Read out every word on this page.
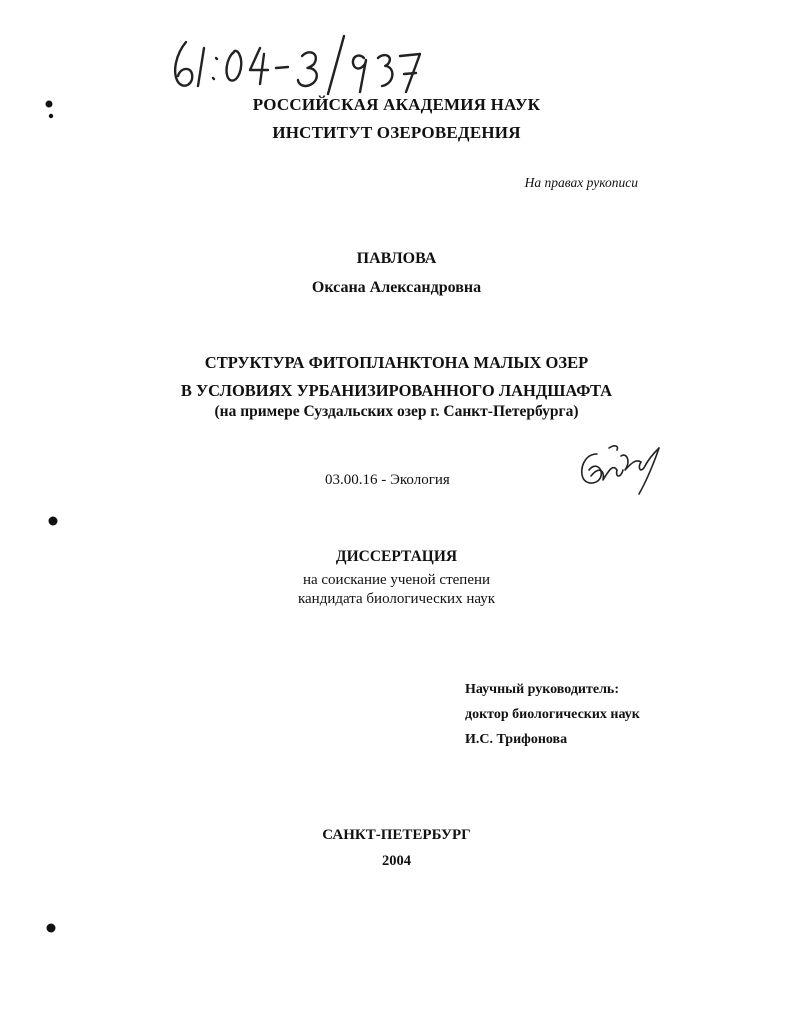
РОССИЙСКАЯ АКАДЕМИЯ НАУК
ИНСТИТУТ ОЗЕРОВЕДЕНИЯ
На правах рукописи
ПАВЛОВА
Оксана Александровна
СТРУКТУРА ФИТОПЛАНКТОНА МАЛЫХ ОЗЕР
В УСЛОВИЯХ УРБАНИЗИРОВАННОГО ЛАНДШАФТА
(на примере Суздальских озер г. Санкт-Петербурга)
03.00.16 - Экология
ДИССЕРТАЦИЯ
на соискание ученой степени
кандидата биологических наук
Научный руководитель:
доктор биологических наук
И.С. Трифонова
САНКТ-ПЕТЕРБУРГ
2004
